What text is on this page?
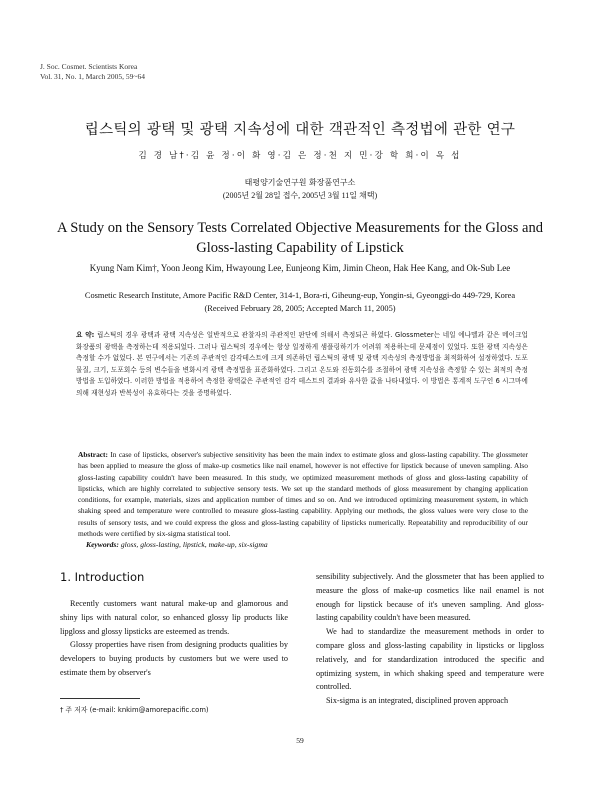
J. Soc. Cosmet. Scientists Korea
Vol. 31, No. 1, March 2005, 59~64
립스틱의 광택 및 광택 지속성에 대한 객관적인 측정법에 관한 연구
김 경 남†·김 윤 정·이 화 영·김 은 정·천 지 민·강 학 희·이 옥 섭
태평양기술연구원 화장품연구소
(2005년 2월 28일 접수, 2005년 3월 11일 채택)
A Study on the Sensory Tests Correlated Objective Measurements for the Gloss and
Gloss-lasting Capability of Lipstick
Kyung Nam Kim†, Yoon Jeong Kim, Hwayoung Lee, Eunjeong Kim, Jimin Cheon, Hak Hee Kang, and Ok-Sub Lee
Cosmetic Research Institute, Amore Pacific R&D Center, 314-1, Bora-ri, Giheung-eup, Yongin-si, Gyeonggi-do 449-729, Korea
(Received February 28, 2005; Accepted March 11, 2005)
요 약: 립스틱의 경우 광택과 광택 지속성은 일반적으로 관찰자의 주관적인 판단에 의해서 측정되곤 하였다. Glossmeter는 네일 에나멜과 같은 메이크업 화장품의 광택을 측정하는데 적용되었다. 그러나 립스틱의 경우에는 항상 일정하게 샘플링하기가 어려워 적용하는데 문제점이 있었다. 또한 광택 지속성은 측정할 수가 없었다. 본 연구에서는 기존의 주관적인 감각테스트에 크게 의존하던 립스틱의 광택 및 광택 지속성의 측정방법을 최적화하여 설정하였다. 도포물질, 크기, 도포회수 등의 변수들을 변화시켜 광택 측정법을 표준화하였다. 그리고 온도와 진동회수를 조절하여 광택 지속성을 측정할 수 있는 최적의 측정방법을 도입하였다. 이러한 방법을 적용하여 측정한 광택값은 주관적인 감각 테스트의 결과와 유사한 값을 나타내었다. 이 방법은 통계적 도구인 6 시그마에 의해 재현성과 반복성이 유효하다는 것을 증명하였다.
Abstract: In case of lipsticks, observer's subjective sensitivity has been the main index to estimate gloss and gloss-lasting capability. The glossmeter has been applied to measure the gloss of make-up cosmetics like nail enamel, however is not effective for lipstick because of uneven sampling. Also gloss-lasting capability couldn't have been measured. In this study, we optimized measurement methods of gloss and gloss-lasting capability of lipsticks, which are highly correlated to subjective sensory tests. We set up the standard methods of gloss measurement by changing application conditions, for example, materials, sizes and application number of times and so on. And we introduced optimizing measurement system, in which shaking speed and temperature were controlled to measure gloss-lasting capability. Applying our methods, the gloss values were very close to the results of sensory tests, and we could express the gloss and gloss-lasting capability of lipsticks numerically. Repeatability and reproducibility of our methods were certified by six-sigma statistical tool.
Keywords: gloss, gloss-lasting, lipstick, make-up, six-sigma
1. Introduction

Recently customers want natural make-up and glamorous and shiny lips with natural color, so enhanced glossy lip products like lipgloss and glossy lipsticks are esteemed as trends.

Glossy properties have risen from designing products qualities by developers to buying products by customers but we were used to estimate them by observer's

sensibility subjectively. And the glossmeter that has been applied to measure the gloss of make-up cosmetics like nail enamel is not enough for lipstick because of it's uneven sampling. And gloss-lasting capability couldn't have been measured.

We had to standardize the measurement methods in order to compare gloss and gloss-lasting capability in lipsticks or lipgloss relatively, and for standardization introduced the specific and optimizing system, in which shaking speed and temperature were controlled.

Six-sigma is an integrated, disciplined proven approach

† 주 저자 (e-mail: knkim@amorepacific.com)
59
